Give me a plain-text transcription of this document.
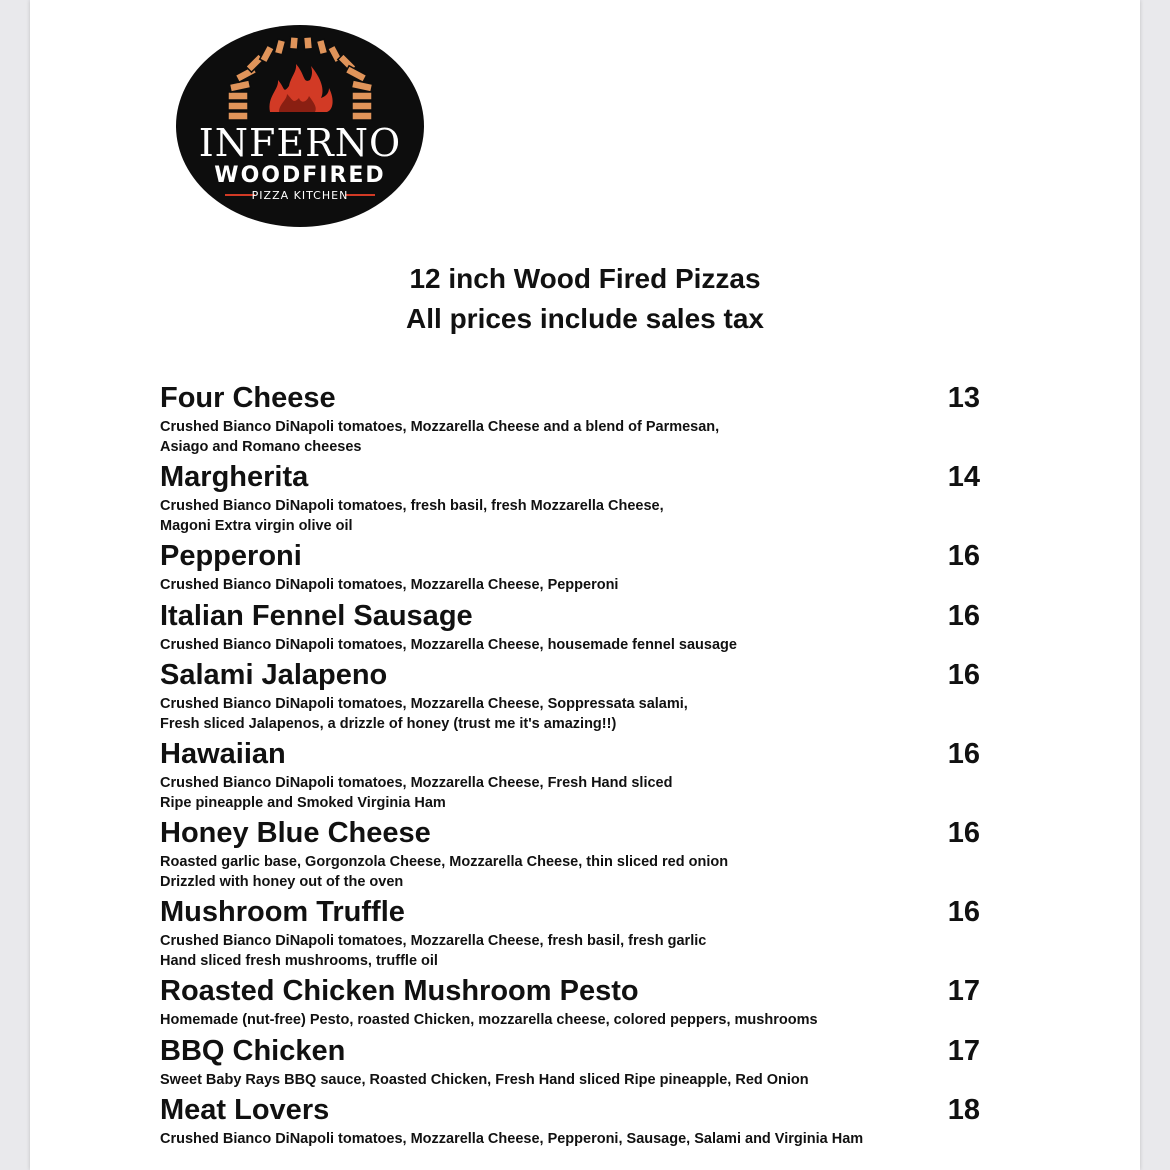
INFERNO
WOODFIRED
PIZZA KITCHEN
12 inch Wood Fired Pizzas
All prices include sales tax
Four Cheese	13
Crushed Bianco DiNapoli tomatoes, Mozzarella Cheese and a blend of Parmesan,
Asiago and Romano cheeses
Margherita	14
Crushed Bianco DiNapoli tomatoes, fresh basil, fresh Mozzarella Cheese,
Magoni Extra virgin olive oil
Pepperoni	16
Crushed Bianco DiNapoli tomatoes, Mozzarella Cheese, Pepperoni
Italian Fennel Sausage	16
Crushed Bianco DiNapoli tomatoes, Mozzarella Cheese, housemade fennel sausage
Salami Jalapeno	16
Crushed Bianco DiNapoli tomatoes, Mozzarella Cheese, Soppressata salami,
Fresh sliced Jalapenos, a drizzle of honey (trust me it's amazing!!)
Hawaiian	16
Crushed Bianco DiNapoli tomatoes, Mozzarella Cheese, Fresh Hand sliced
Ripe pineapple and Smoked Virginia Ham
Honey Blue Cheese	16
Roasted garlic base, Gorgonzola Cheese, Mozzarella Cheese, thin sliced red onion
Drizzled with honey out of the oven
Mushroom Truffle	16
Crushed Bianco DiNapoli tomatoes, Mozzarella Cheese, fresh basil, fresh garlic
Hand sliced fresh mushrooms, truffle oil
Roasted Chicken Mushroom Pesto	17
Homemade (nut-free) Pesto, roasted Chicken, mozzarella cheese, colored peppers, mushrooms
BBQ Chicken	17
Sweet Baby Rays BBQ sauce, Roasted Chicken, Fresh Hand sliced Ripe pineapple, Red Onion
Meat Lovers	18
Crushed Bianco DiNapoli tomatoes, Mozzarella Cheese, Pepperoni, Sausage, Salami and Virginia Ham
